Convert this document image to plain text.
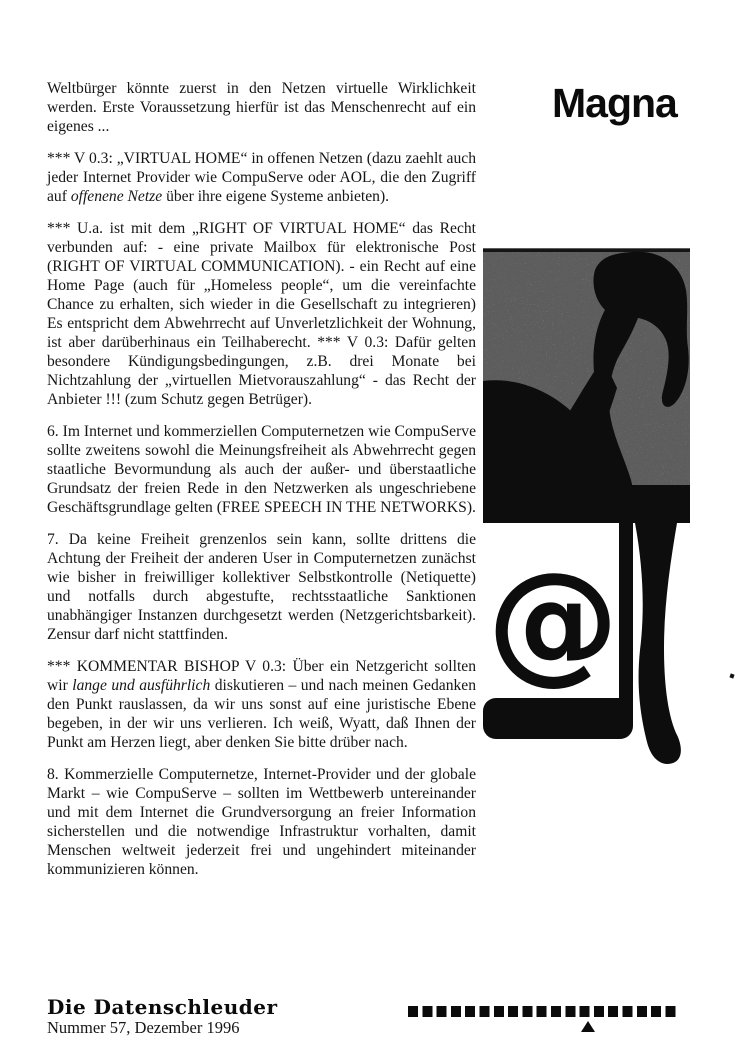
Magna

Weltbürger könnte zuerst in den Netzen virtuelle Wirklichkeit werden. Erste Voraussetzung hierfür ist das Menschenrecht auf ein eigenes ...

*** V 0.3: „VIRTUAL HOME“ in offenen Netzen (dazu zaehlt auch jeder Internet Provider wie CompuServe oder AOL, die den Zugriff auf offenene Netze über ihre eigene Systeme anbieten).

*** U.a. ist mit dem „RIGHT OF VIRTUAL HOME“ das Recht verbunden auf: - eine private Mailbox für elektronische Post (RIGHT OF VIRTUAL COMMUNICATION). - ein Recht auf eine Home Page (auch für „Homeless people“, um die vereinfachte Chance zu erhalten, sich wieder in die Gesellschaft zu integrieren) Es entspricht dem Abwehrrecht auf Unverletzlichkeit der Wohnung, ist aber darüberhinaus ein Teilhaberecht. *** V 0.3: Dafür gelten besondere Kündigungsbedingungen, z.B. drei Monate bei Nichtzahlung der „virtuellen Mietvorauszahlung“ - das Recht der Anbieter !!! (zum Schutz gegen Betrüger).

6. Im Internet und kommerziellen Computernetzen wie CompuServe sollte zweitens sowohl die Meinungsfreiheit als Abwehrrecht gegen staatliche Bevormundung als auch der außer- und überstaatliche Grundsatz der freien Rede in den Netzwerken als ungeschriebene Geschäftsgrundlage gelten (FREE SPEECH IN THE NETWORKS).

7. Da keine Freiheit grenzenlos sein kann, sollte drittens die Achtung der Freiheit der anderen User in Computernetzen zunächst wie bisher in freiwilliger kollektiver Selbstkontrolle (Netiquette) und notfalls durch abgestufte, rechtsstaatliche Sanktionen unabhängiger Instanzen durchgesetzt werden (Netzgerichtsbarkeit). Zensur darf nicht stattfinden.

*** KOMMENTAR BISHOP V 0.3: Über ein Netzgericht sollten wir lange und ausführlich diskutieren – und nach meinen Gedanken den Punkt rauslassen, da wir uns sonst auf eine juristische Ebene begeben, in der wir uns verlieren. Ich weiß, Wyatt, daß Ihnen der Punkt am Herzen liegt, aber denken Sie bitte drüber nach.

8. Kommerzielle Computernetze, Internet-Provider und der globale Markt – wie CompuServe – sollten im Wettbewerb untereinander und mit dem Internet die Grundversorgung an freier Information sicherstellen und die notwendige Infrastruktur vorhalten, damit Menschen weltweit jederzeit frei und ungehindert miteinander kommunizieren können.

@
Die Datenschleuder
Nummer 57, Dezember 1996
